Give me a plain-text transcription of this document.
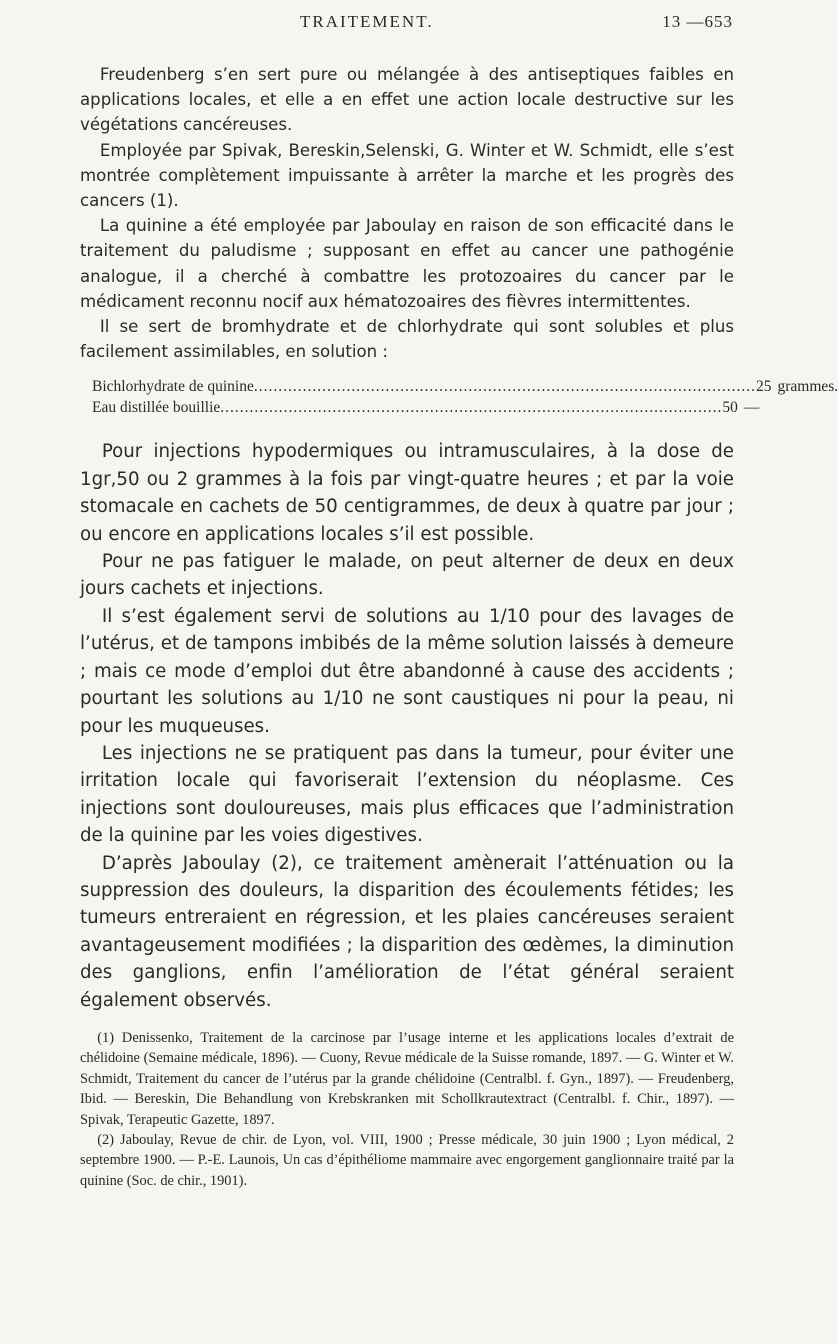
TRAITEMENT.	13 —653

Freudenberg s’en sert pure ou mélangée à des antiseptiques faibles en applications locales, et elle a en effet une action locale destructive sur les végétations cancéreuses.

Employée par Spivak, Bereskin,Selenski, G. Winter et W. Schmidt, elle s’est montrée complètement impuissante à arrêter la marche et les progrès des cancers (1).

La quinine a été employée par Jaboulay en raison de son efficacité dans le traitement du paludisme ; supposant en effet au cancer une pathogénie analogue, il a cherché à combattre les protozoaires du cancer par le médicament reconnu nocif aux hématozoaires des fièvres intermittentes.

Il se sert de bromhydrate et de chlorhydrate qui sont solubles et plus facilement assimilables, en solution :

Bichlorhydrate de quinine ....................................................................................................... 25 grammes.
Eau distillée bouillie ....................................................................................................... 50 —

Pour injections hypodermiques ou intramusculaires, à la dose de 1gr,50 ou 2 grammes à la fois par vingt-quatre heures ; et par la voie stomacale en cachets de 50 centigrammes, de deux à quatre par jour ; ou encore en applications locales s’il est possible.

Pour ne pas fatiguer le malade, on peut alterner de deux en deux jours cachets et injections.

Il s’est également servi de solutions au 1/10 pour des lavages de l’utérus, et de tampons imbibés de la même solution laissés à demeure ; mais ce mode d’emploi dut être abandonné à cause des accidents ; pourtant les solutions au 1/10 ne sont caustiques ni pour la peau, ni pour les muqueuses.

Les injections ne se pratiquent pas dans la tumeur, pour éviter une irritation locale qui favoriserait l’extension du néoplasme. Ces injections sont douloureuses, mais plus efficaces que l’administration de la quinine par les voies digestives.

D’après Jaboulay (2), ce traitement amènerait l’atténuation ou la suppression des douleurs, la disparition des écoulements fétides; les tumeurs entreraient en régression, et les plaies cancéreuses seraient avantageusement modifiées ; la disparition des œdèmes, la diminution des ganglions, enfin l’amélioration de l’état général seraient également observés.

(1) Denissenko, Traitement de la carcinose par l’usage interne et les applications locales d’extrait de chélidoine (Semaine médicale, 1896). — Cuony, Revue médicale de la Suisse romande, 1897. — G. Winter et W. Schmidt, Traitement du cancer de l’utérus par la grande chélidoine (Centralbl. f. Gyn., 1897). — Freudenberg, Ibid. — Bereskin, Die Behandlung von Krebskranken mit Schollkrautextract (Centralbl. f. Chir., 1897). — Spivak, Terapeutic Gazette, 1897.

(2) Jaboulay, Revue de chir. de Lyon, vol. VIII, 1900 ; Presse médicale, 30 juin 1900 ; Lyon médical, 2 septembre 1900. — P.-E. Launois, Un cas d’épithéliome mammaire avec engorgement ganglionnaire traité par la quinine (Soc. de chir., 1901).
